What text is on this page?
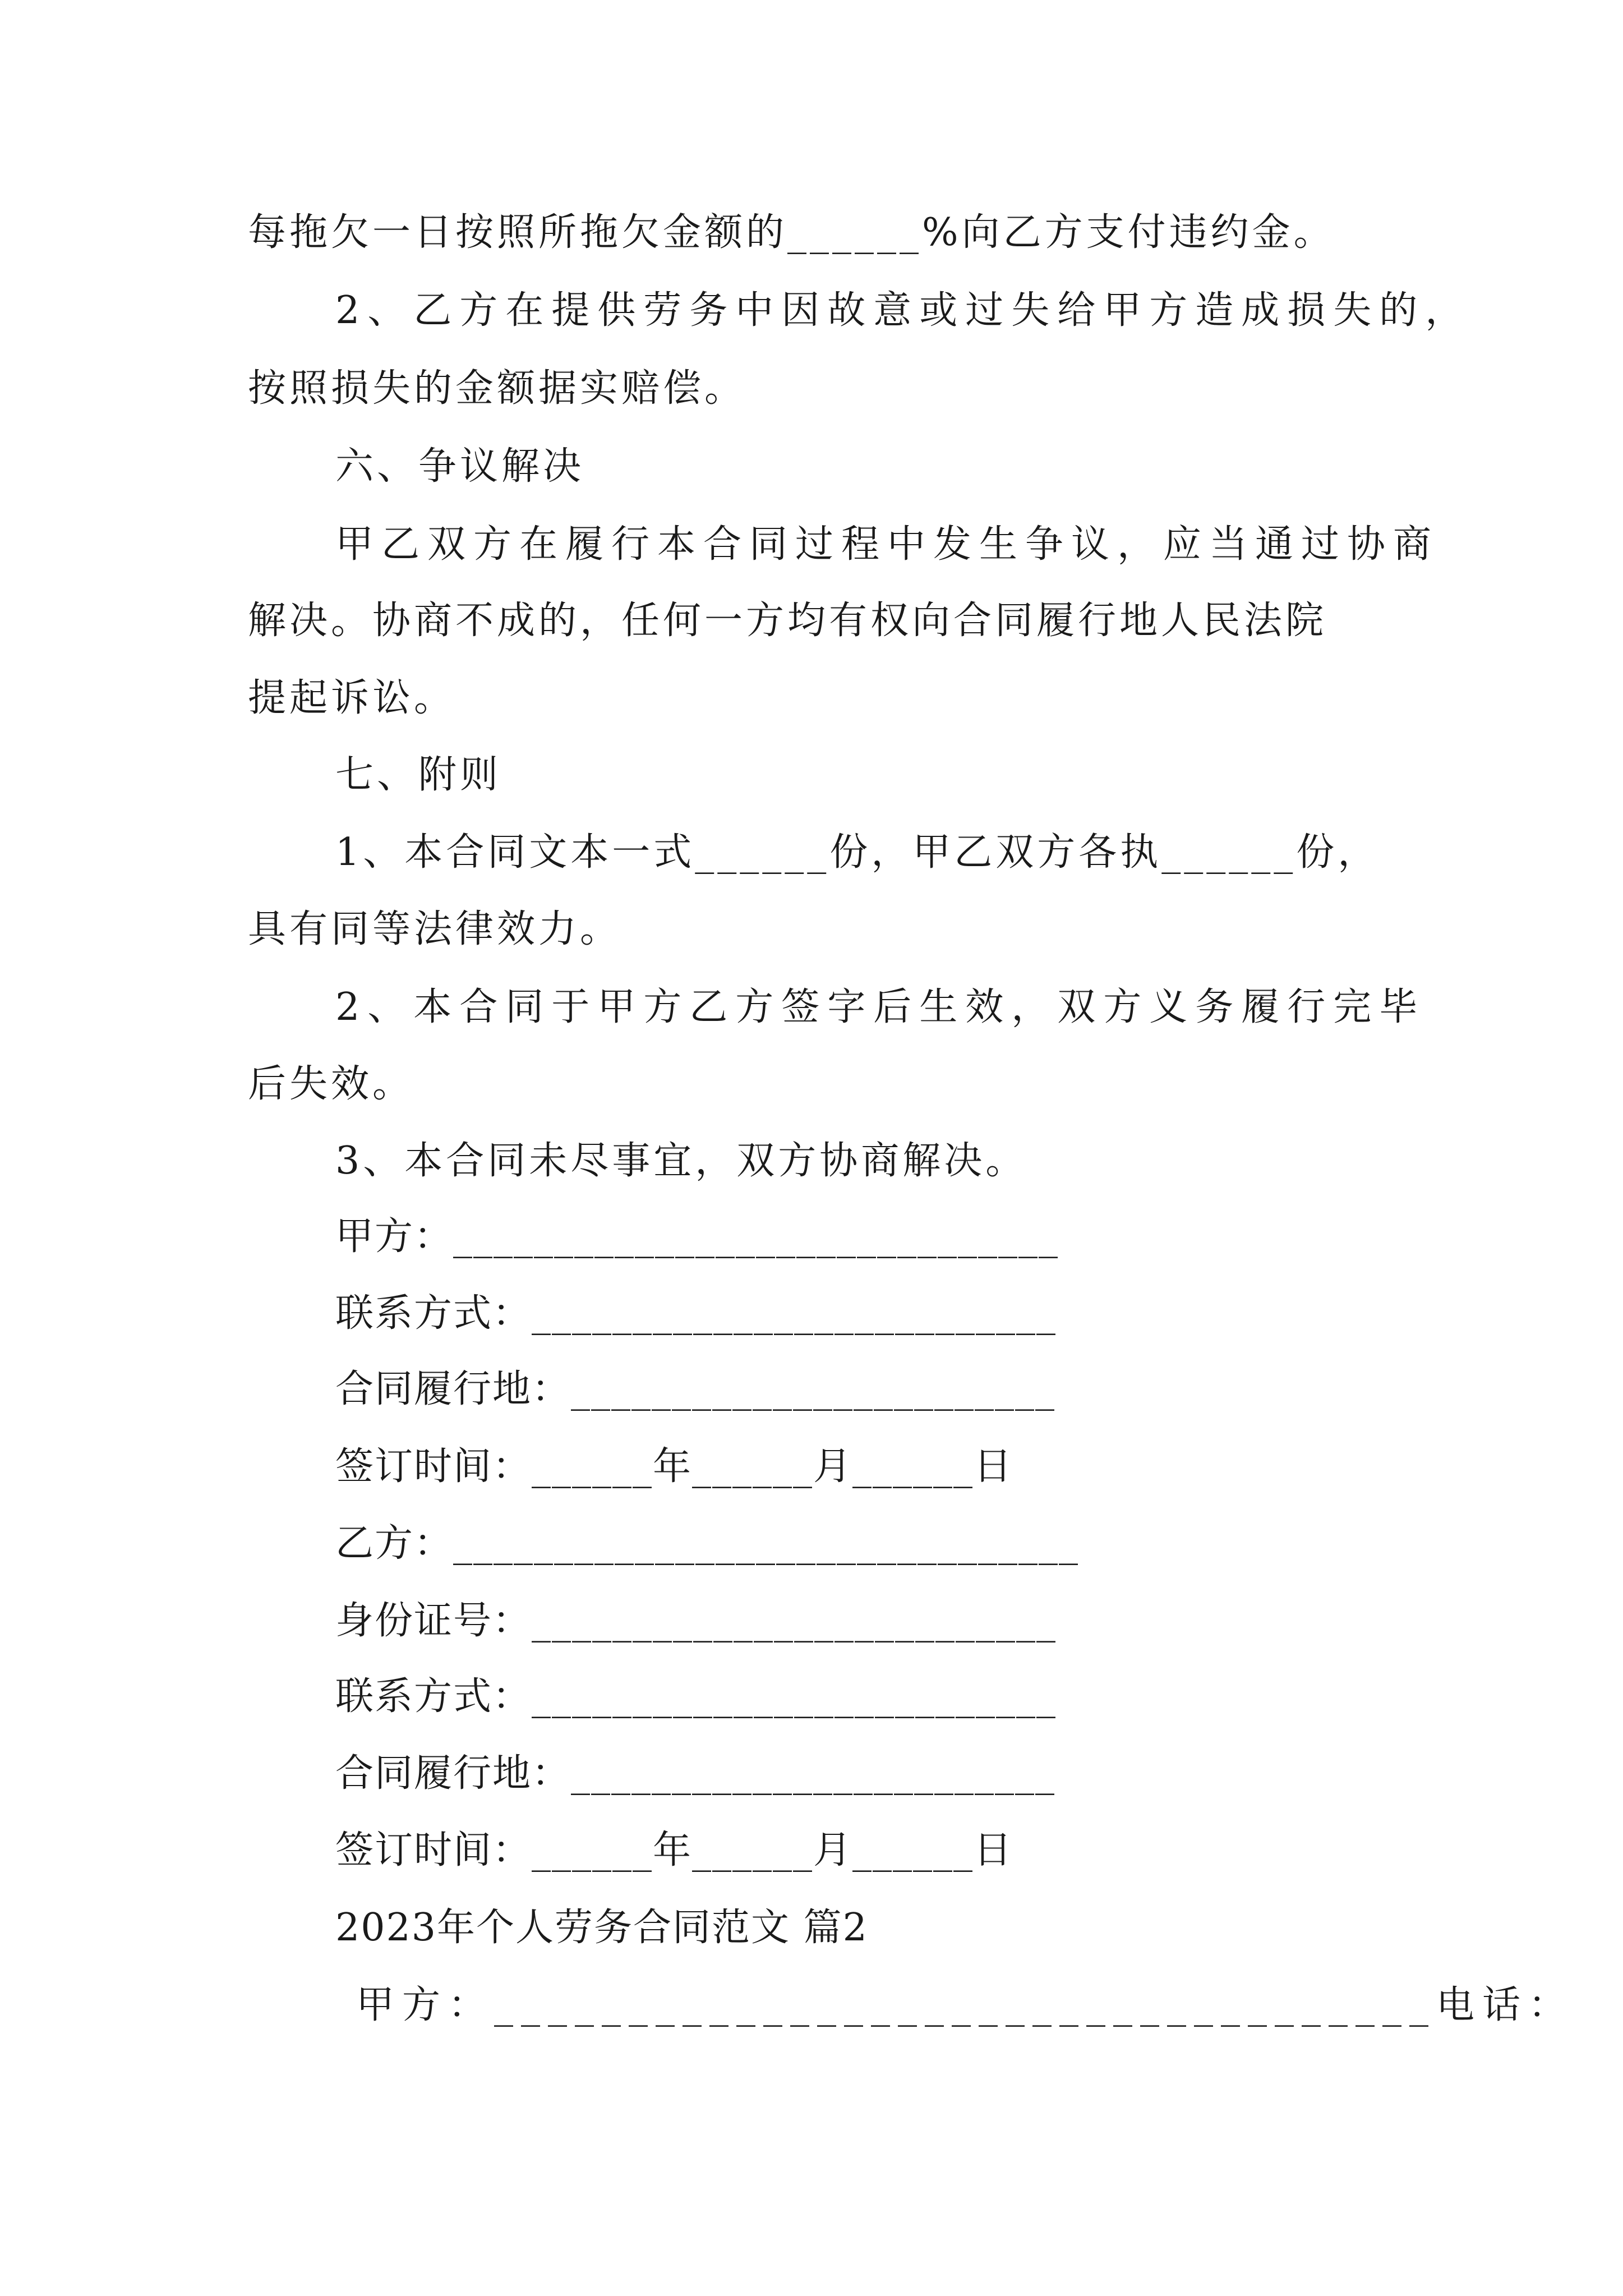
每拖欠一日按照所拖欠金额的______%向乙方支付违约金。
2、乙方在提供劳务中因故意或过失给甲方造成损失的，
按照损失的金额据实赔偿。
六、争议解决
甲乙双方在履行本合同过程中发生争议，应当通过协商
解决。协商不成的，任何一方均有权向合同履行地人民法院
提起诉讼。
七、附则
1、本合同文本一式______份，甲乙双方各执______份，
具有同等法律效力。
2、本合同于甲方乙方签字后生效，双方义务履行完毕
后失效。
3、本合同未尽事宜，双方协商解决。
甲方：______________________________
联系方式：__________________________
合同履行地：________________________
签订时间：______年______月______日
乙方：_______________________________
身份证号：__________________________
联系方式：__________________________
合同履行地：________________________
签订时间：______年______月______日
2023年个人劳务合同范文 篇2
甲方：___________________________________电话：
